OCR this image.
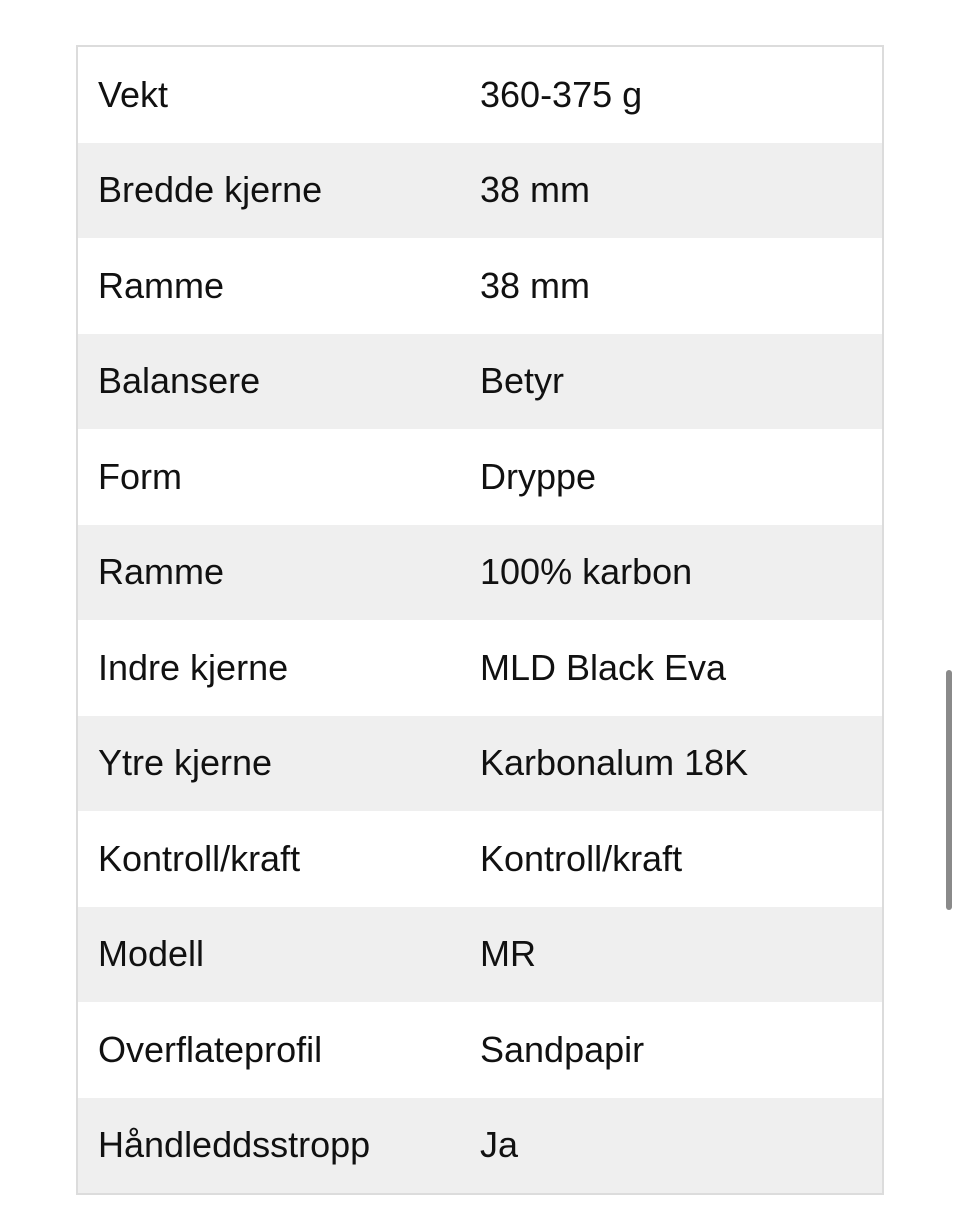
Vekt	360-375 g
Bredde kjerne	38 mm
Ramme	38 mm
Balansere	Betyr
Form	Dryppe
Ramme	100% karbon
Indre kjerne	MLD Black Eva
Ytre kjerne	Karbonalum 18K
Kontroll/kraft	Kontroll/kraft
Modell	MR
Overflateprofil	Sandpapir
Håndleddsstropp	Ja
